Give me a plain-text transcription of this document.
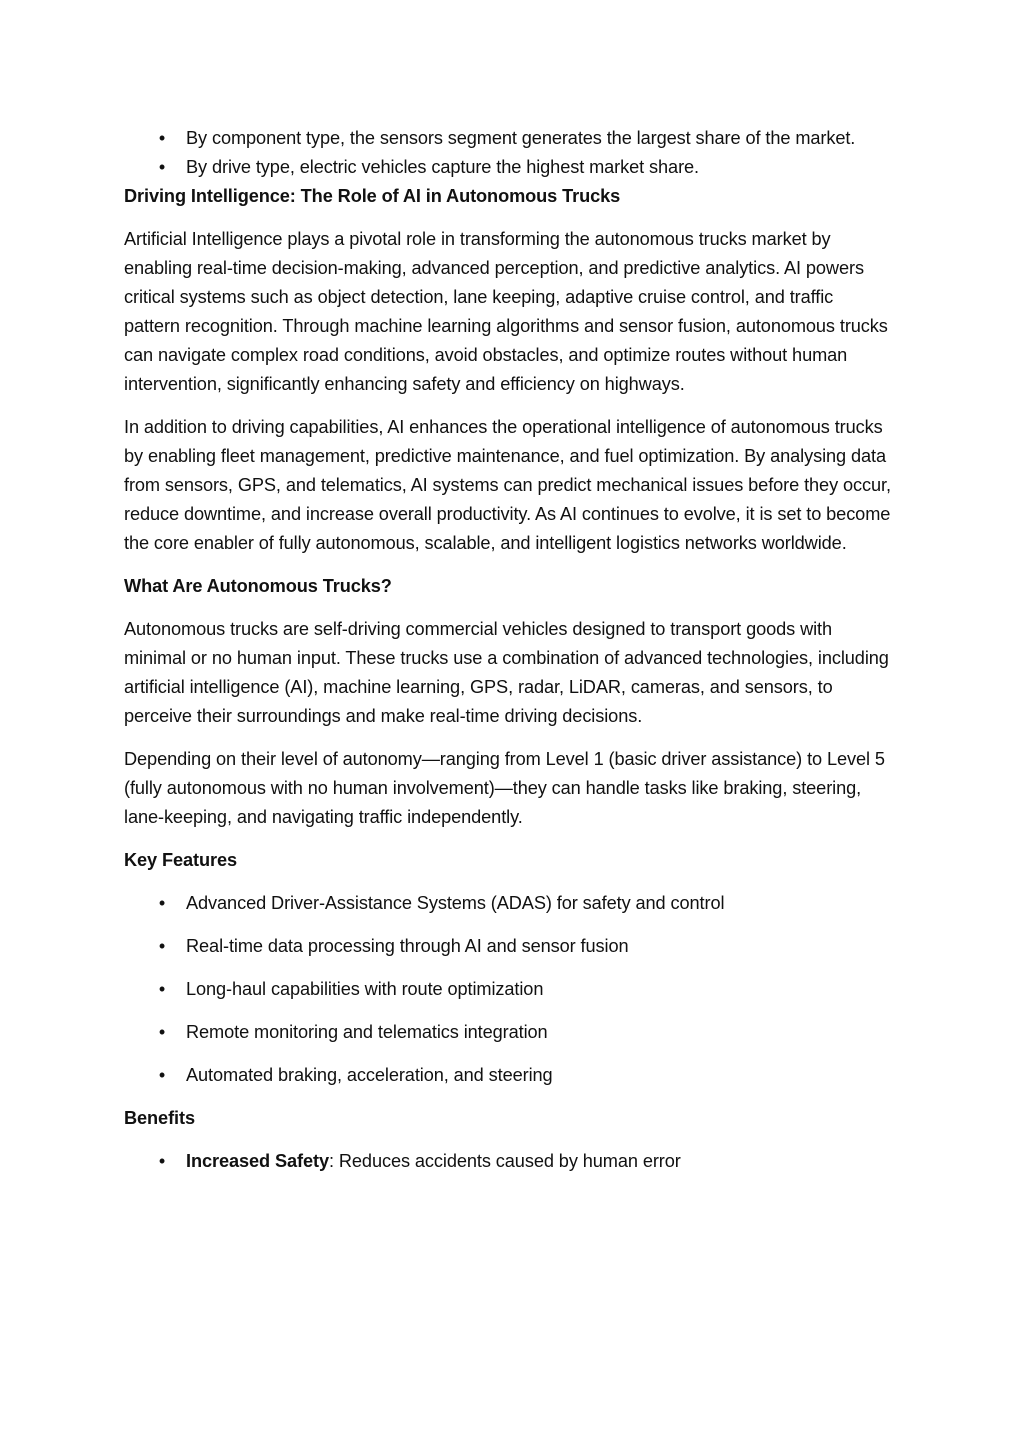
• By component type, the sensors segment generates the largest share of the market.
• By drive type, electric vehicles capture the highest market share.
Driving Intelligence: The Role of AI in Autonomous Trucks

Artificial Intelligence plays a pivotal role in transforming the autonomous trucks market by enabling real-time decision-making, advanced perception, and predictive analytics. AI powers critical systems such as object detection, lane keeping, adaptive cruise control, and traffic pattern recognition. Through machine learning algorithms and sensor fusion, autonomous trucks can navigate complex road conditions, avoid obstacles, and optimize routes without human intervention, significantly enhancing safety and efficiency on highways.

In addition to driving capabilities, AI enhances the operational intelligence of autonomous trucks by enabling fleet management, predictive maintenance, and fuel optimization. By analysing data from sensors, GPS, and telematics, AI systems can predict mechanical issues before they occur, reduce downtime, and increase overall productivity. As AI continues to evolve, it is set to become the core enabler of fully autonomous, scalable, and intelligent logistics networks worldwide.

What Are Autonomous Trucks?

Autonomous trucks are self-driving commercial vehicles designed to transport goods with minimal or no human input. These trucks use a combination of advanced technologies, including artificial intelligence (AI), machine learning, GPS, radar, LiDAR, cameras, and sensors, to perceive their surroundings and make real-time driving decisions.

Depending on their level of autonomy—ranging from Level 1 (basic driver assistance) to Level 5 (fully autonomous with no human involvement)—they can handle tasks like braking, steering, lane-keeping, and navigating traffic independently.

Key Features
• Advanced Driver-Assistance Systems (ADAS) for safety and control
• Real-time data processing through AI and sensor fusion
• Long-haul capabilities with route optimization
• Remote monitoring and telematics integration
• Automated braking, acceleration, and steering
Benefits
• Increased Safety: Reduces accidents caused by human error
